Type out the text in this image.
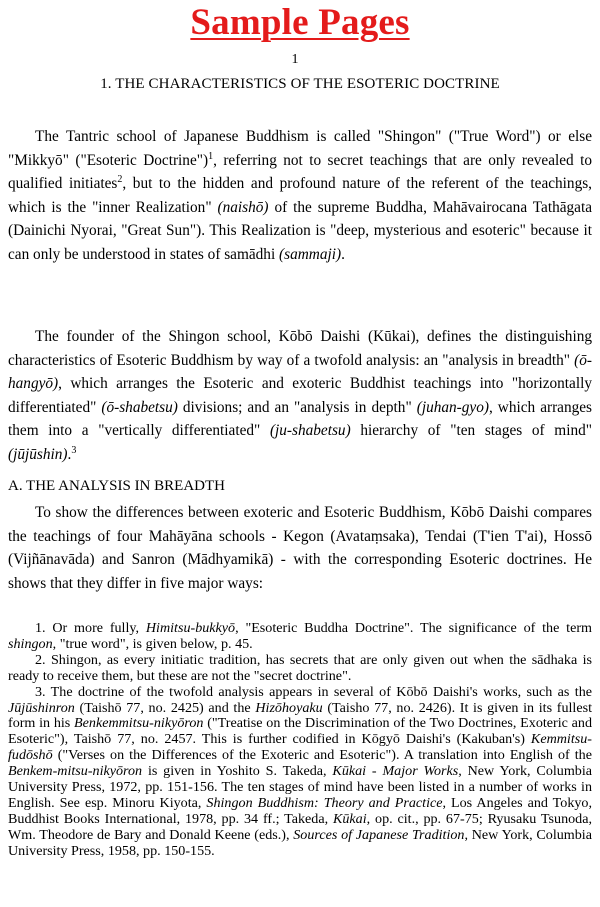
Sample Pages
1
1. THE CHARACTERISTICS OF THE ESOTERIC DOCTRINE

The Tantric school of Japanese Buddhism is called "Shingon" ("True Word") or else "Mikkyō" ("Esoteric Doctrine")$^1$, referring not to secret teachings that are only revealed to qualified initiates$^2$, but to the hidden and profound nature of the referent of the teachings, which is the "inner Realization" (naishō) of the supreme Buddha, Mahāvairocana Tathāgata (Dainichi Nyorai, "Great Sun"). This Realization is "deep, mysterious and esoteric" because it can only be understood in states of samādhi (sammaji).

The founder of the Shingon school, Kōbō Daishi (Kūkai), defines the distinguishing characteristics of Esoteric Buddhism by way of a twofold analysis: an "analysis in breadth" (ō-hangyō), which arranges the Esoteric and exoteric Buddhist teachings into "horizontally differentiated" (ō-shabetsu) divisions; and an "analysis in depth" (juhan-gyo), which arranges them into a "vertically differentiated" (ju-shabetsu) hierarchy of "ten stages of mind" (jūjūshin).$^3$

A. THE ANALYSIS IN BREADTH

To show the differences between exoteric and Esoteric Buddhism, Kōbō Daishi compares the teachings of four Mahāyāna schools - Kegon (Avataṃsaka), Tendai (T'ien T'ai), Hossō (Vijñānavāda) and Sanron (Mādhyamikā) - with the corresponding Esoteric doctrines. He shows that they differ in five major ways:

1. Or more fully, Himitsu-bukkyō, "Esoteric Buddha Doctrine". The significance of the term shingon, "true word", is given below, p. 45.

2. Shingon, as every initiatic tradition, has secrets that are only given out when the sādhaka is ready to receive them, but these are not the "secret doctrine".

3. The doctrine of the twofold analysis appears in several of Kōbō Daishi's works, such as the Jūjūshinron (Taishō 77, no. 2425) and the Hizōhoyaku (Taisho 77, no. 2426). It is given in its fullest form in his Benkemmitsu-nikyōron ("Treatise on the Discrimination of the Two Doctrines, Exoteric and Esoteric"), Taishō 77, no. 2457. This is further codified in Kōgyō Daishi's (Kakuban's) Kemmitsu-fudōshō ("Verses on the Differences of the Exoteric and Esoteric"). A translation into English of the Benkem-mitsu-nikyōron is given in Yoshito S. Takeda, Kūkai - Major Works, New York, Columbia University Press, 1972, pp. 151-156. The ten stages of mind have been listed in a number of works in English. See esp. Minoru Kiyota, Shingon Buddhism: Theory and Practice, Los Angeles and Tokyo, Buddhist Books International, 1978, pp. 34 ff.; Takeda, Kūkai, op. cit., pp. 67-75; Ryusaku Tsunoda, Wm. Theodore de Bary and Donald Keene (eds.), Sources of Japanese Tradition, New York, Columbia University Press, 1958, pp. 150-155.
